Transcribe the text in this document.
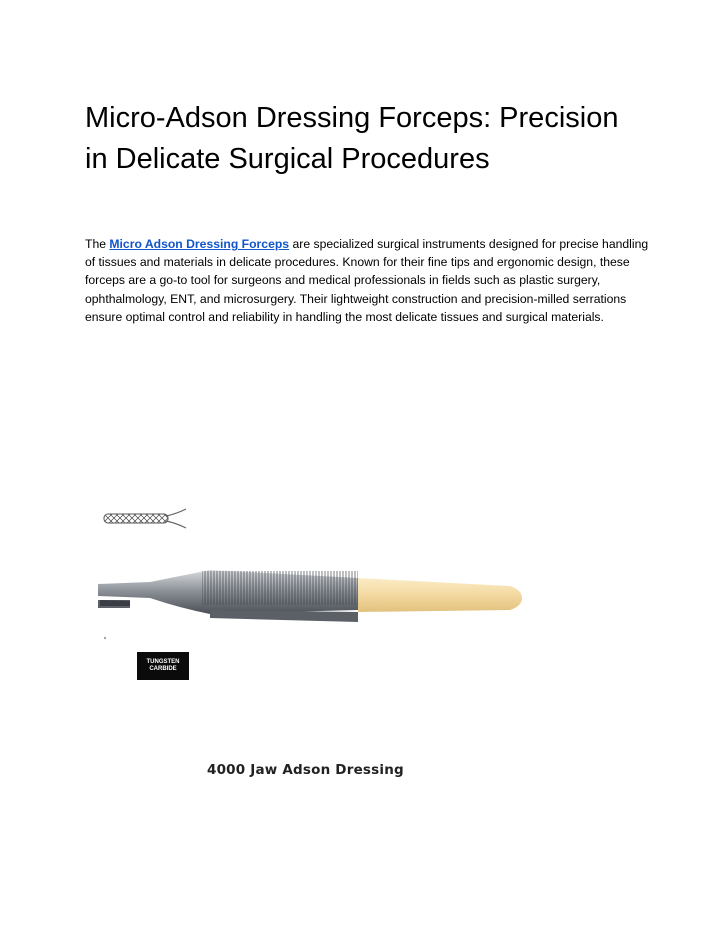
Micro-Adson Dressing Forceps: Precision in Delicate Surgical Procedures

The Micro Adson Dressing Forceps are specialized surgical instruments designed for precise handling of tissues and materials in delicate procedures. Known for their fine tips and ergonomic design, these forceps are a go-to tool for surgeons and medical professionals in fields such as plastic surgery, ophthalmology, ENT, and microsurgery. Their lightweight construction and precision-milled serrations ensure optimal control and reliability in handling the most delicate tissues and surgical materials.

TUNGSTEN
CARBIDE
4000 Jaw Adson Dressing
